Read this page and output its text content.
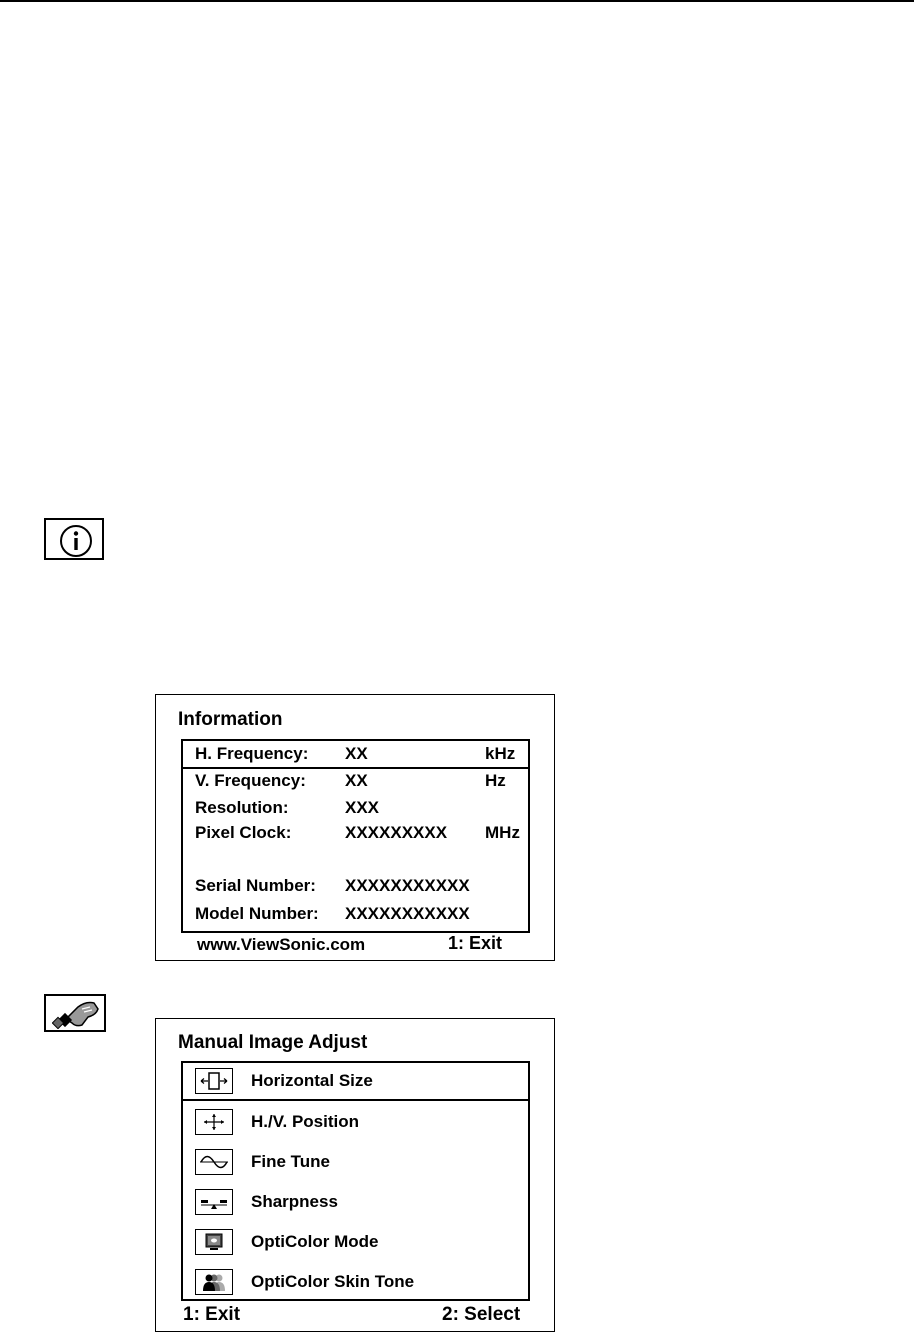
Information
H. Frequency: XX	kHz
V. Frequency: XX	Hz
Resolution:	XXX
Pixel Clock:	XXXXXXXXX MHz
Serial Number: XXXXXXXXXXX
Model Number: XXXXXXXXXXX
www.ViewSonic.com	1: Exit
Manual Image Adjust
Horizontal Size
H./V. Position
Fine Tune
Sharpness
OptiColor Mode
OptiColor Skin Tone
1: Exit	2: Select
